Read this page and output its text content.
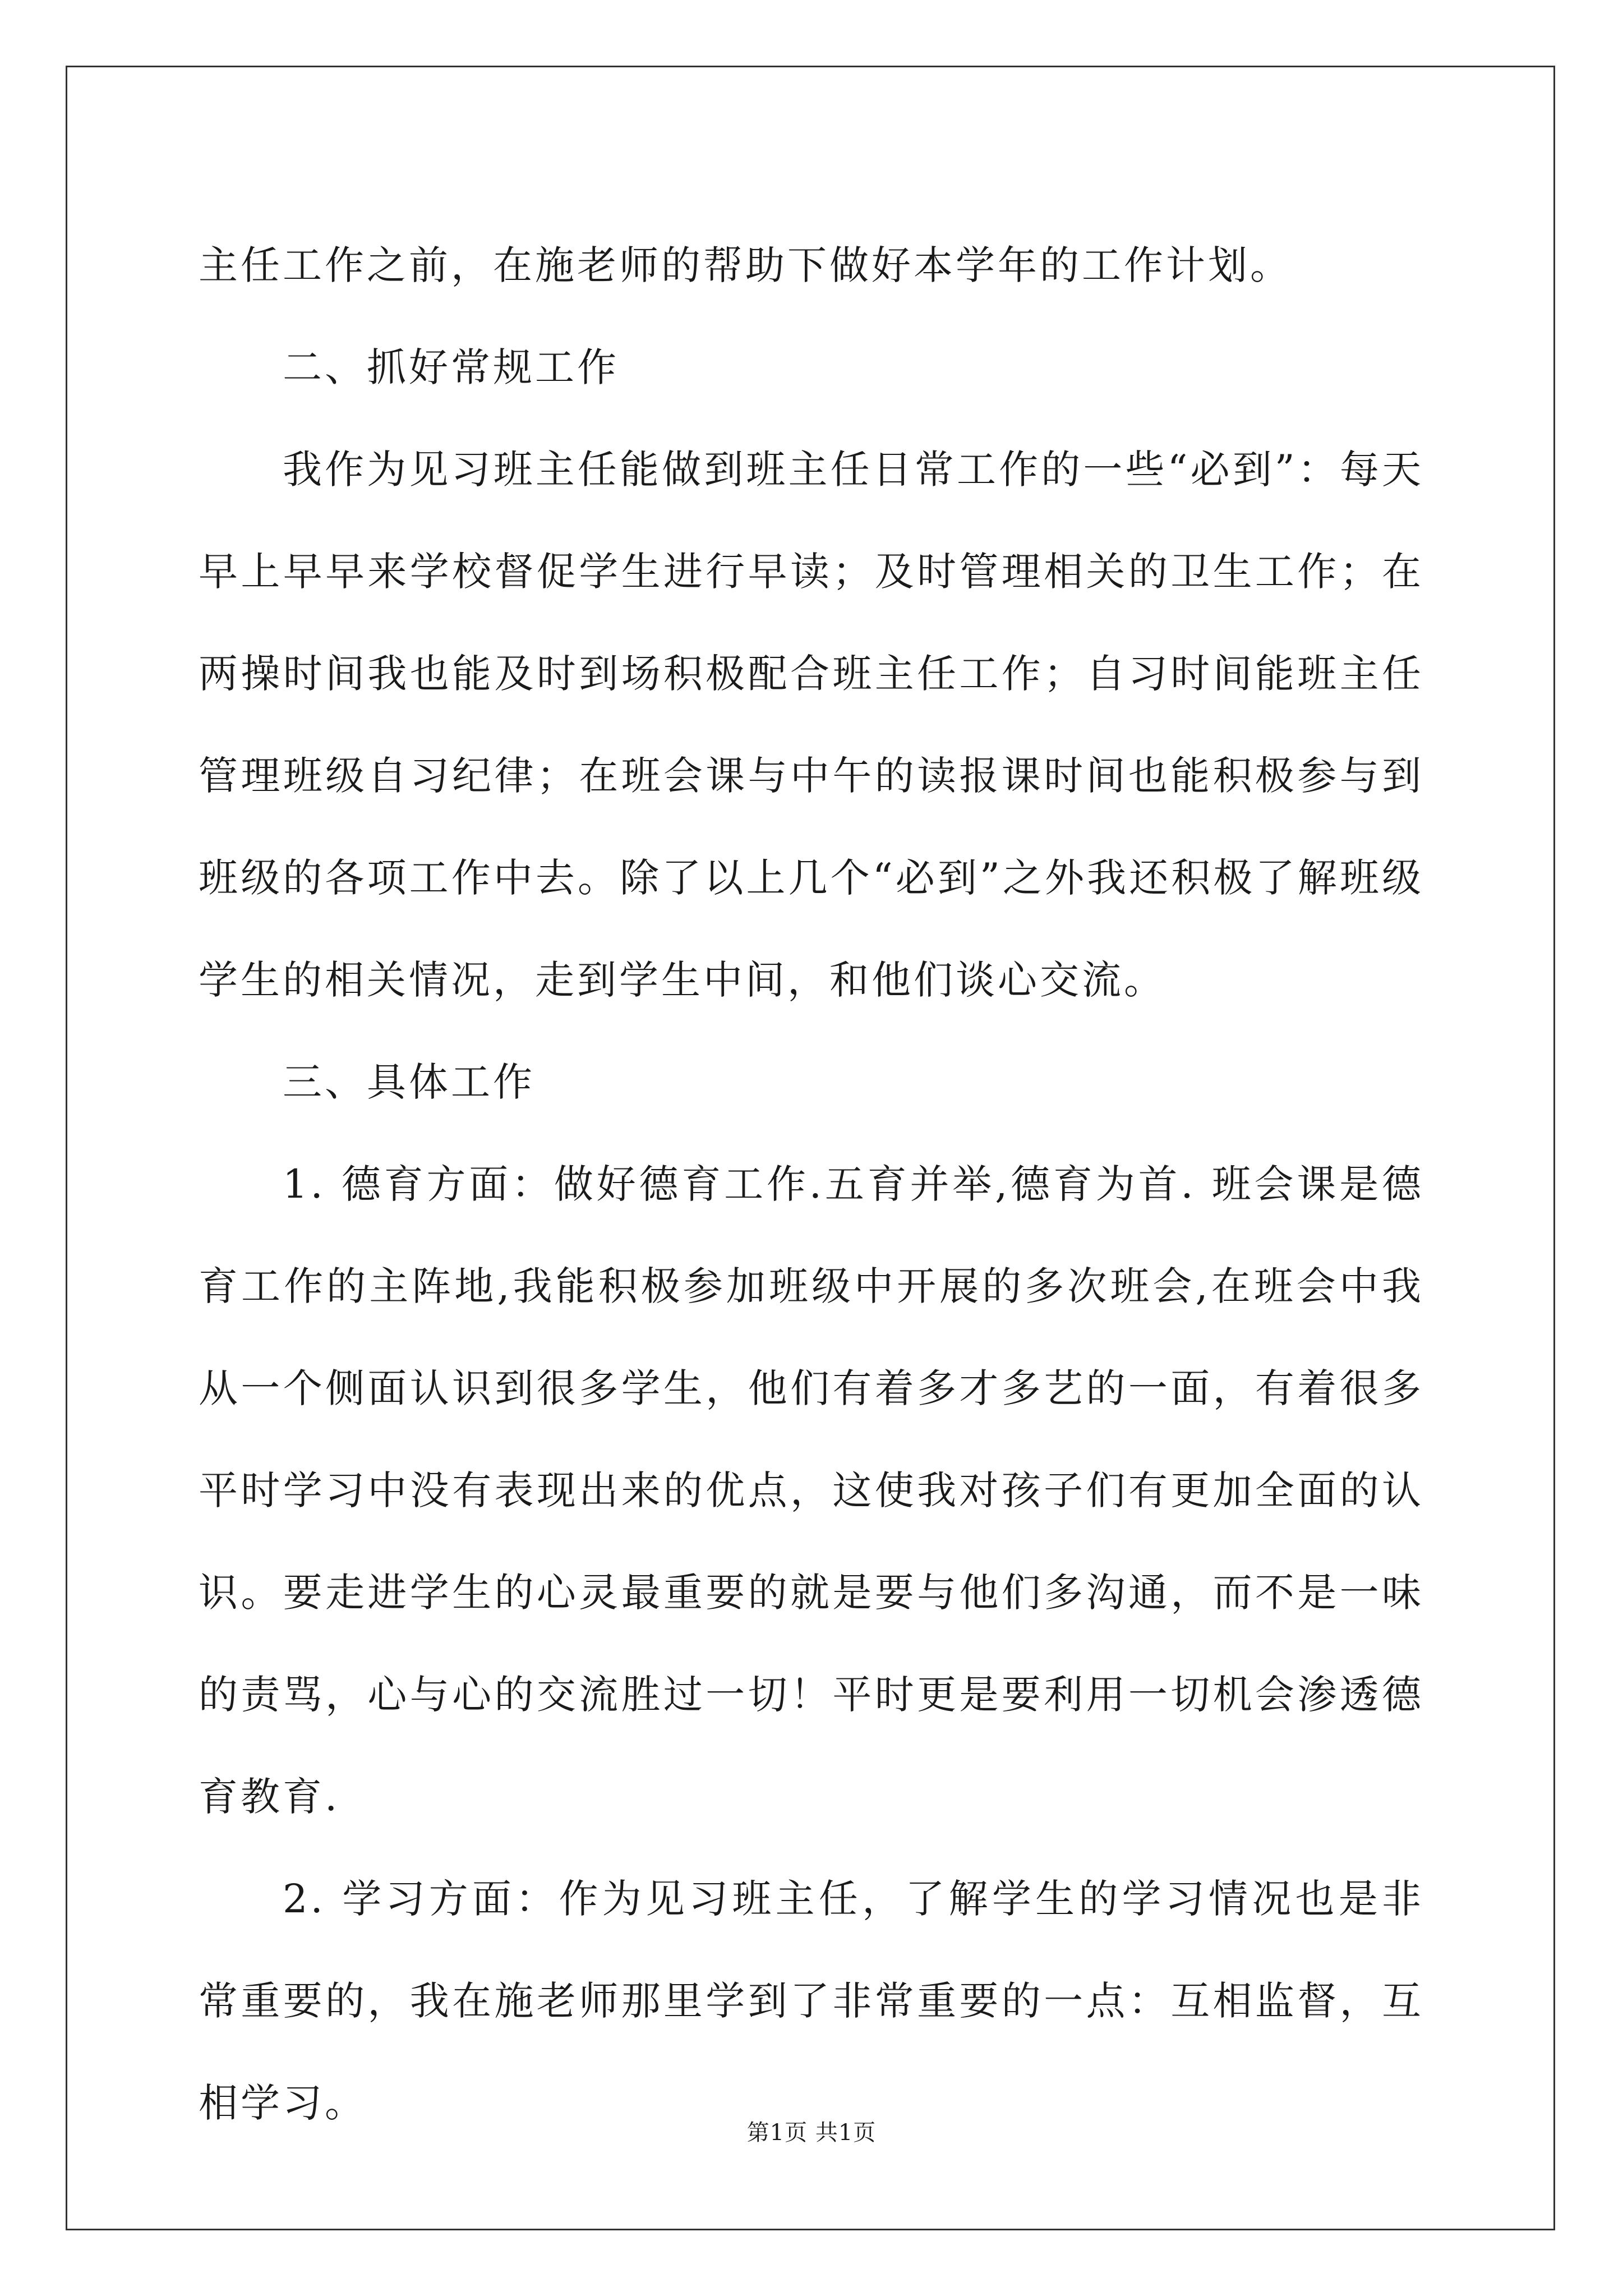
主任工作之前，在施老师的帮助下做好本学年的工作计划。

二、抓好常规工作

我作为见习班主任能做到班主任日常工作的一些“必到”：每天早上早早来学校督促学生进行早读；及时管理相关的卫生工作；在两操时间我也能及时到场积极配合班主任工作；自习时间能班主任管理班级自习纪律；在班会课与中午的读报课时间也能积极参与到班级的各项工作中去。除了以上几个“必到”之外我还积极了解班级学生的相关情况，走到学生中间，和他们谈心交流。

三、具体工作

1. 德育方面：做好德育工作.五育并举,德育为首. 班会课是德育工作的主阵地,我能积极参加班级中开展的多次班会,在班会中我从一个侧面认识到很多学生，他们有着多才多艺的一面，有着很多平时学习中没有表现出来的优点，这使我对孩子们有更加全面的认识。要走进学生的心灵最重要的就是要与他们多沟通，而不是一味的责骂，心与心的交流胜过一切！平时更是要利用一切机会渗透德育教育.

2. 学习方面：作为见习班主任，了解学生的学习情况也是非常重要的，我在施老师那里学到了非常重要的一点：互相监督，互相学习。

第1页 共1页
